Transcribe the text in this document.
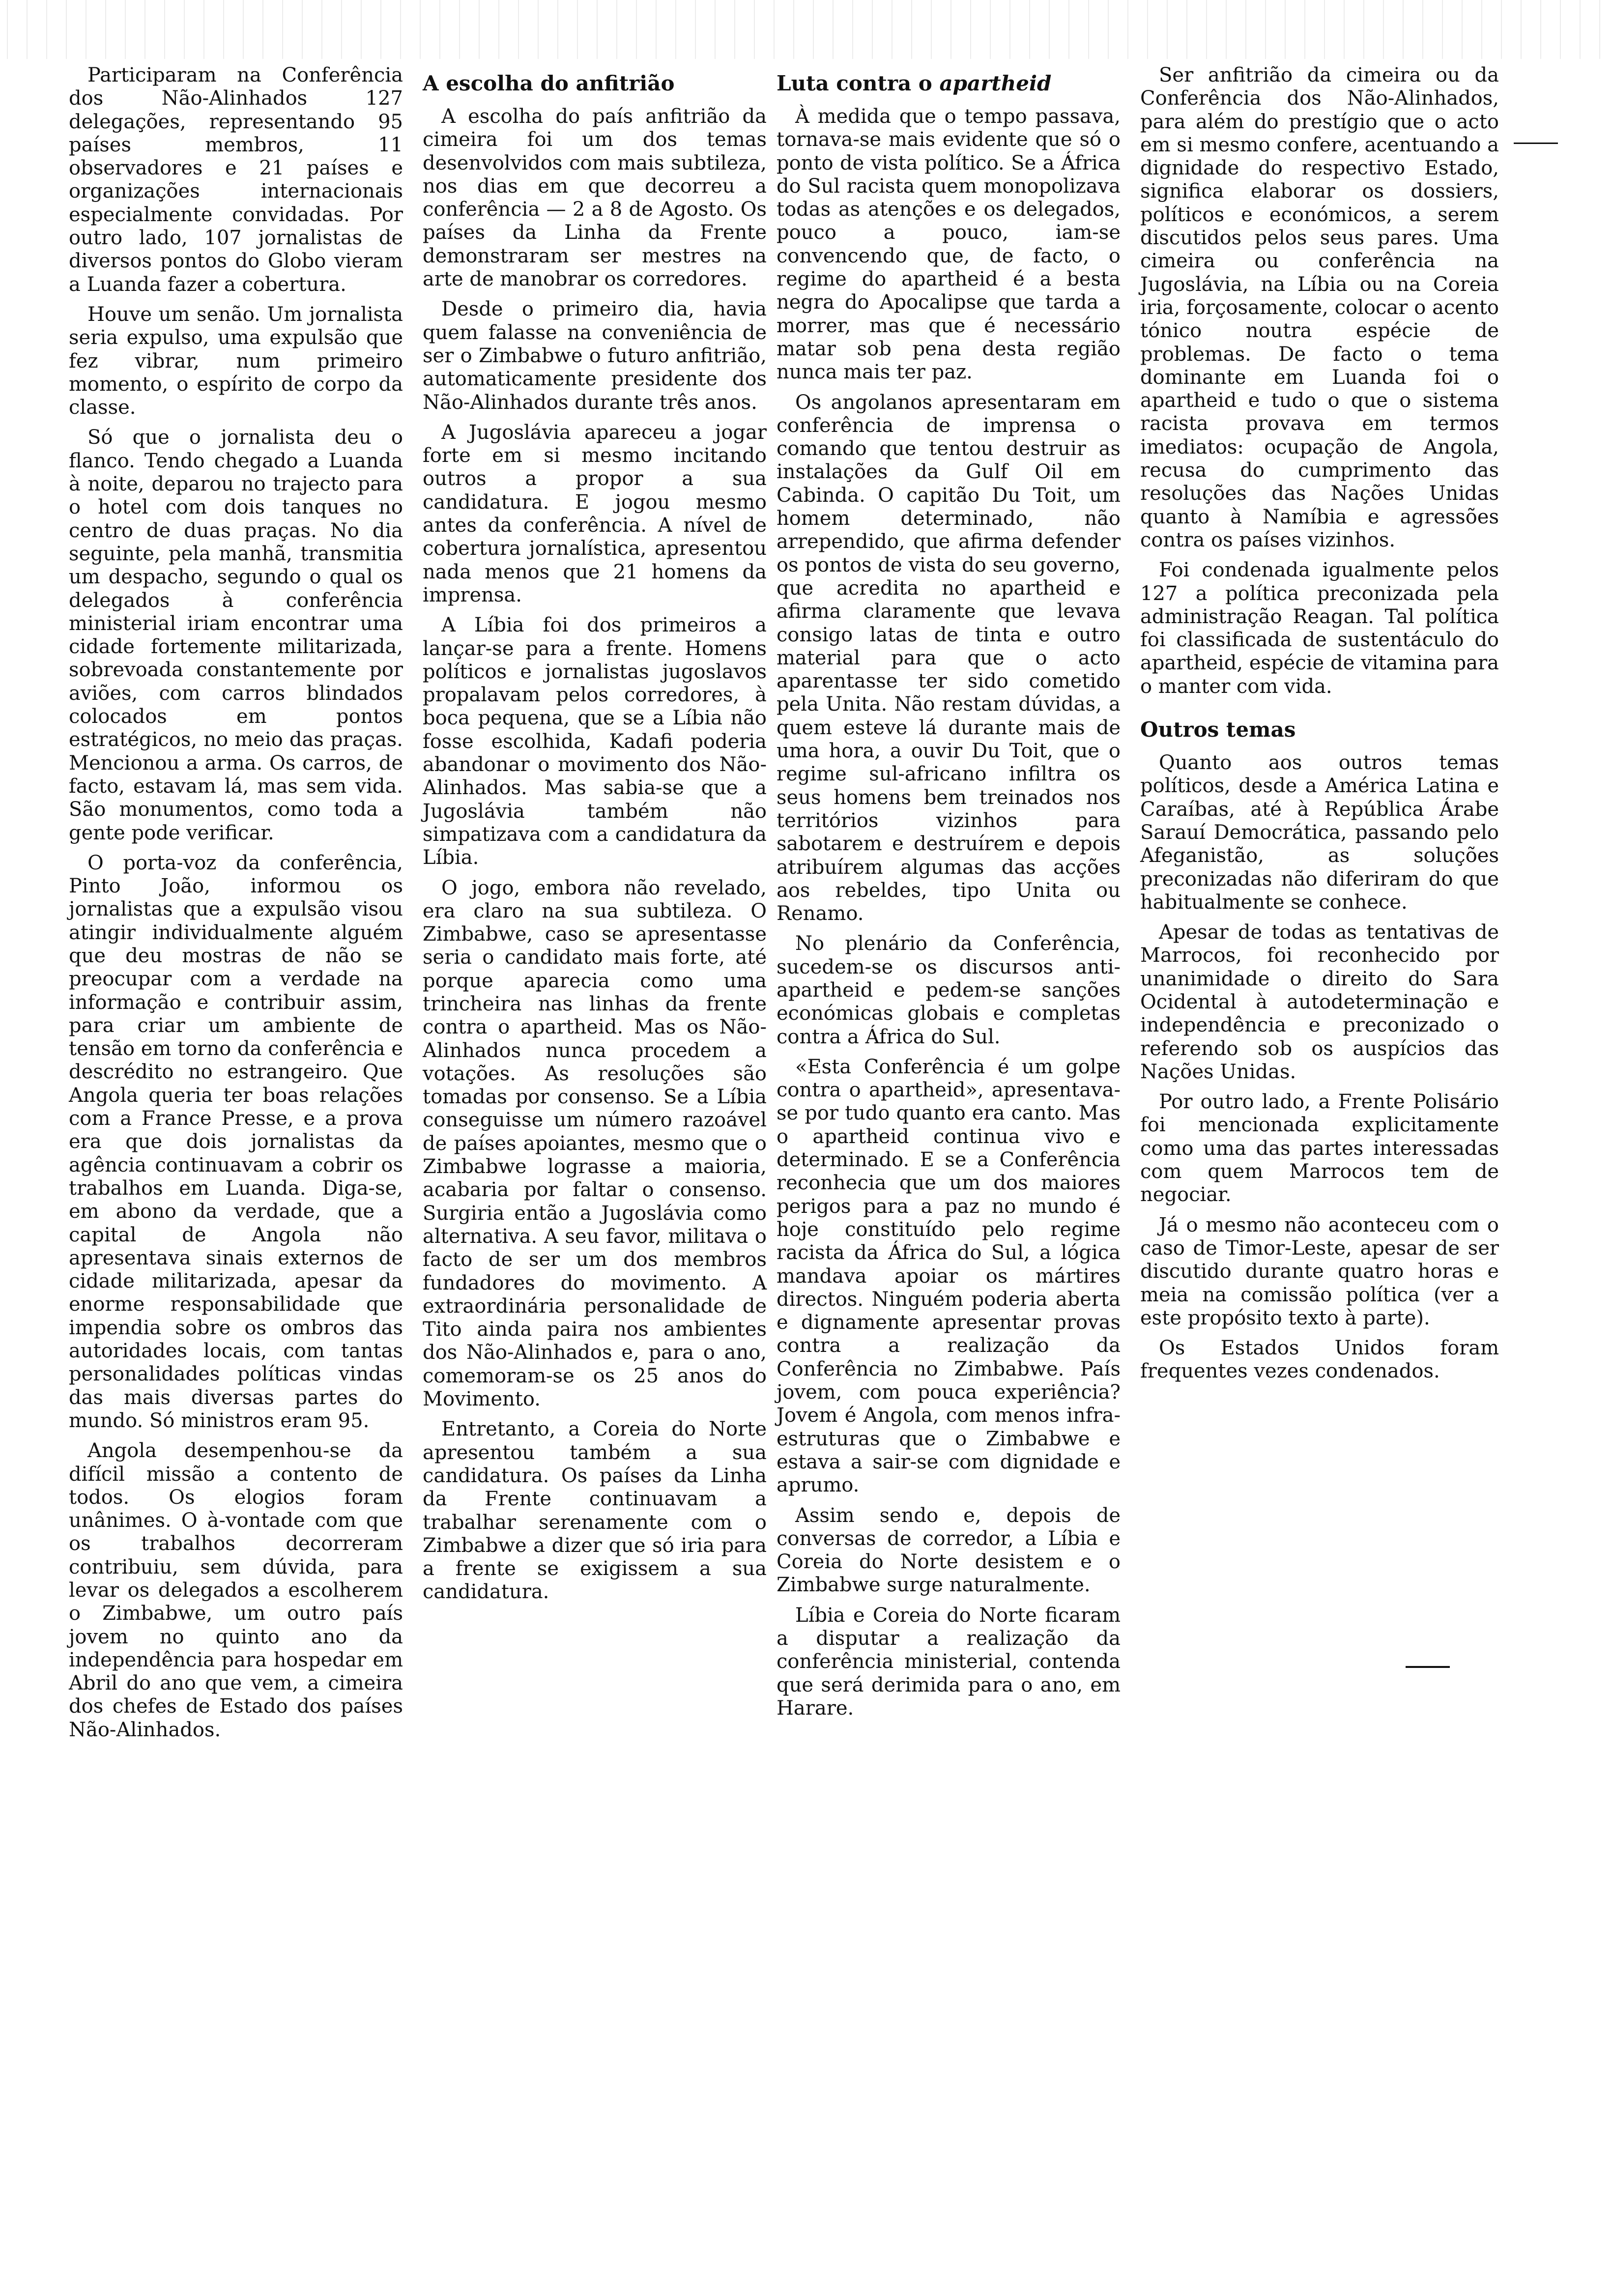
Participaram na Conferência dos Não-Alinhados 127 delegações, representando 95 países membros, 11 observadores e 21 países e organizações internacionais especialmente convidadas. Por outro lado, 107 jornalistas de diversos pontos do Globo vieram a Luanda fazer a cobertura.

Houve um senão. Um jornalista seria expulso, uma expulsão que fez vibrar, num primeiro momento, o espírito de corpo da classe.

Só que o jornalista deu o flanco. Tendo chegado a Luanda à noite, deparou no trajecto para o hotel com dois tanques no centro de duas praças. No dia seguinte, pela manhã, transmitia um despacho, segundo o qual os delegados à conferência ministerial iriam encontrar uma cidade fortemente militarizada, sobrevoada constantemente por aviões, com carros blindados colocados em pontos estratégicos, no meio das praças. Mencionou a arma. Os carros, de facto, estavam lá, mas sem vida. São monumentos, como toda a gente pode verificar.

O porta-voz da conferência, Pinto João, informou os jornalistas que a expulsão visou atingir individualmente alguém que deu mostras de não se preocupar com a verdade na informação e contribuir assim, para criar um ambiente de tensão em torno da conferência e descrédito no estrangeiro. Que Angola queria ter boas relações com a France Presse, e a prova era que dois jornalistas da agência continuavam a cobrir os trabalhos em Luanda. Diga-se, em abono da verdade, que a capital de Angola não apresentava sinais externos de cidade militarizada, apesar da enorme responsabilidade que impendia sobre os ombros das autoridades locais, com tantas personalidades políticas vindas das mais diversas partes do mundo. Só ministros eram 95.

Angola desempenhou-se da difícil missão a contento de todos. Os elogios foram unânimes. O à-vontade com que os trabalhos decorreram contribuiu, sem dúvida, para levar os delegados a escolherem o Zimbabwe, um outro país jovem no quinto ano da independência para hospedar em Abril do ano que vem, a cimeira dos chefes de Estado dos países Não-Alinhados.

A escolha do anfitrião

A escolha do país anfitrião da cimeira foi um dos temas desenvolvidos com mais subtileza, nos dias em que decorreu a conferência — 2 a 8 de Agosto. Os países da Linha da Frente demonstraram ser mestres na arte de manobrar os corredores.

Desde o primeiro dia, havia quem falasse na conveniência de ser o Zimbabwe o futuro anfitrião, automaticamente presidente dos Não-Alinhados durante três anos.

A Jugoslávia apareceu a jogar forte em si mesmo incitando outros a propor a sua candidatura. E jogou mesmo antes da conferência. A nível de cobertura jornalística, apresentou nada menos que 21 homens da imprensa.

A Líbia foi dos primeiros a lançar-se para a frente. Homens políticos e jornalistas jugoslavos propalavam pelos corredores, à boca pequena, que se a Líbia não fosse escolhida, Kadafi poderia abandonar o movimento dos Não-Alinhados. Mas sabia-se que a Jugoslávia também não simpatizava com a candidatura da Líbia.

O jogo, embora não revelado, era claro na sua subtileza. O Zimbabwe, caso se apresentasse seria o candidato mais forte, até porque aparecia como uma trincheira nas linhas da frente contra o apartheid. Mas os Não-Alinhados nunca procedem a votações. As resoluções são tomadas por consenso. Se a Líbia conseguisse um número razoável de países apoiantes, mesmo que o Zimbabwe lograsse a maioria, acabaria por faltar o consenso. Surgiria então a Jugoslávia como alternativa. A seu favor, militava o facto de ser um dos membros fundadores do movimento. A extraordinária personalidade de Tito ainda paira nos ambientes dos Não-Alinhados e, para o ano, comemoram-se os 25 anos do Movimento.

Entretanto, a Coreia do Norte apresentou também a sua candidatura. Os países da Linha da Frente continuavam a trabalhar serenamente com o Zimbabwe a dizer que só iria para a frente se exigissem a sua candidatura.

Luta contra o apartheid

À medida que o tempo passava, tornava-se mais evidente que só o ponto de vista político. Se a África do Sul racista quem monopolizava todas as atenções e os delegados, pouco a pouco, iam-se convencendo que, de facto, o regime do apartheid é a besta negra do Apocalipse que tarda a morrer, mas que é necessário matar sob pena desta região nunca mais ter paz.

Os angolanos apresentaram em conferência de imprensa o comando que tentou destruir as instalações da Gulf Oil em Cabinda. O capitão Du Toit, um homem determinado, não arrependido, que afirma defender os pontos de vista do seu governo, que acredita no apartheid e afirma claramente que levava consigo latas de tinta e outro material para que o acto aparentasse ter sido cometido pela Unita. Não restam dúvidas, a quem esteve lá durante mais de uma hora, a ouvir Du Toit, que o regime sul-africano infiltra os seus homens bem treinados nos territórios vizinhos para sabotarem e destruírem e depois atribuírem algumas das acções aos rebeldes, tipo Unita ou Renamo.

No plenário da Conferência, sucedem-se os discursos anti-apartheid e pedem-se sanções económicas globais e completas contra a África do Sul.

«Esta Conferência é um golpe contra o apartheid», apresentava-se por tudo quanto era canto. Mas o apartheid continua vivo e determinado. E se a Conferência reconhecia que um dos maiores perigos para a paz no mundo é hoje constituído pelo regime racista da África do Sul, a lógica mandava apoiar os mártires directos. Ninguém poderia aberta e dignamente apresentar provas contra a realização da Conferência no Zimbabwe. País jovem, com pouca experiência? Jovem é Angola, com menos infra-estruturas que o Zimbabwe e estava a sair-se com dignidade e aprumo.

Assim sendo e, depois de conversas de corredor, a Líbia e Coreia do Norte desistem e o Zimbabwe surge naturalmente.

Líbia e Coreia do Norte ficaram a disputar a realização da conferência ministerial, contenda que será derimida para o ano, em Harare.

Ser anfitrião da cimeira ou da Conferência dos Não-Alinhados, para além do prestígio que o acto em si mesmo confere, acentuando a dignidade do respectivo Estado, significa elaborar os dossiers, políticos e económicos, a serem discutidos pelos seus pares. Uma cimeira ou conferência na Jugoslávia, na Líbia ou na Coreia iria, forçosamente, colocar o acento tónico noutra espécie de problemas. De facto o tema dominante em Luanda foi o apartheid e tudo o que o sistema racista provava em termos imediatos: ocupação de Angola, recusa do cumprimento das resoluções das Nações Unidas quanto à Namíbia e agressões contra os países vizinhos.

Foi condenada igualmente pelos 127 a política preconizada pela administração Reagan. Tal política foi classificada de sustentáculo do apartheid, espécie de vitamina para o manter com vida.

Outros temas

Quanto aos outros temas políticos, desde a América Latina e Caraíbas, até à República Árabe Sarauí Democrática, passando pelo Afeganistão, as soluções preconizadas não diferiram do que habitualmente se conhece.

Apesar de todas as tentativas de Marrocos, foi reconhecido por unanimidade o direito do Sara Ocidental à autodeterminação e independência e preconizado o referendo sob os auspícios das Nações Unidas.

Por outro lado, a Frente Polisário foi mencionada explicitamente como uma das partes interessadas com quem Marrocos tem de negociar.

Já o mesmo não aconteceu com o caso de Timor-Leste, apesar de ser discutido durante quatro horas e meia na comissão política (ver a este propósito texto à parte).

Os Estados Unidos foram frequentes vezes condenados.
